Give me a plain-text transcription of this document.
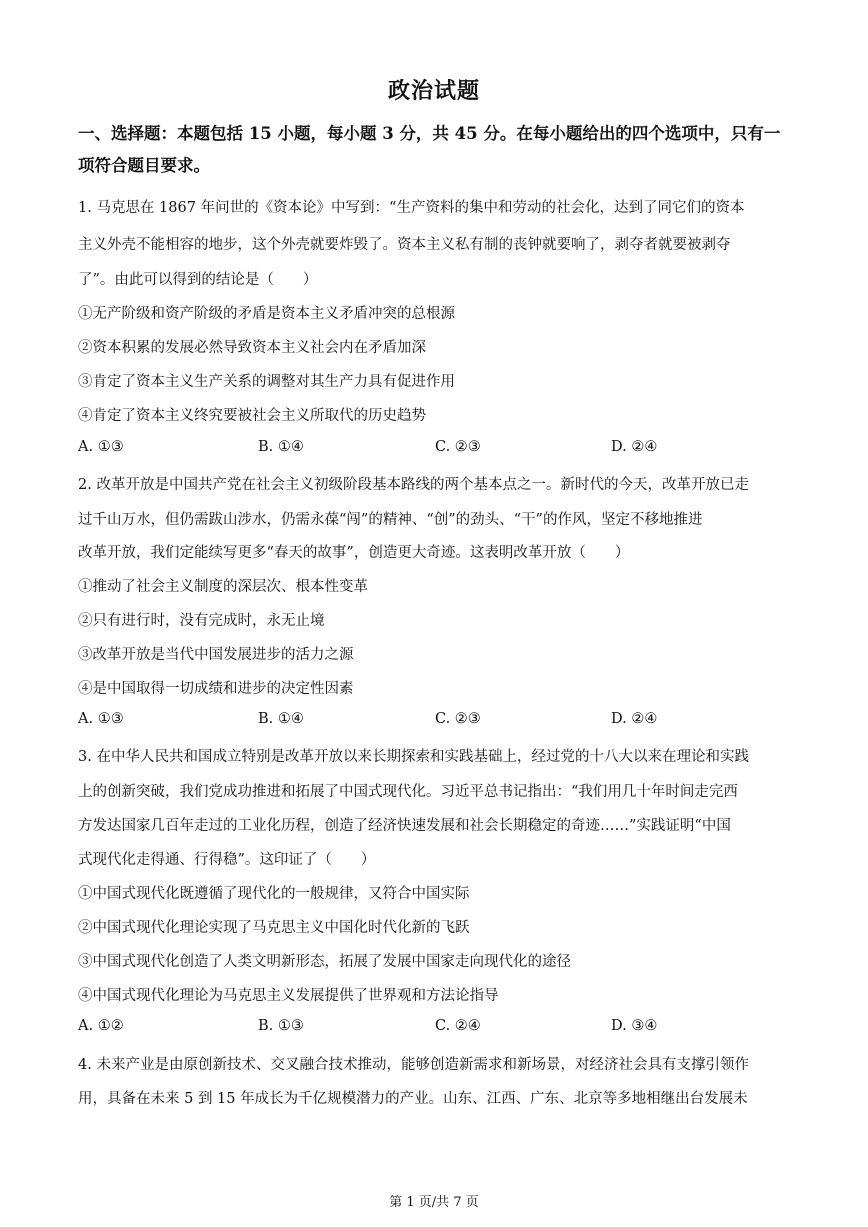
政治试题
一、选择题：本题包括 15 小题，每小题 3 分，共 45 分。在每小题给出的四个选项中，只有一项符合题目要求。
1. 马克思在 1867 年问世的《资本论》中写到：“生产资料的集中和劳动的社会化，达到了同它们的资本
主义外壳不能相容的地步，这个外壳就要炸毁了。资本主义私有制的丧钟就要响了，剥夺者就要被剥夺
了”。由此可以得到的结论是（　　）
①无产阶级和资产阶级的矛盾是资本主义矛盾冲突的总根源
②资本积累的发展必然导致资本主义社会内在矛盾加深
③肯定了资本主义生产关系的调整对其生产力具有促进作用
④肯定了资本主义终究要被社会主义所取代的历史趋势
A. ①③	B. ①④	C. ②③	D. ②④
2. 改革开放是中国共产党在社会主义初级阶段基本路线的两个基本点之一。新时代的今天，改革开放已走
过千山万水，但仍需跋山涉水，仍需永葆“闯”的精神、“创”的劲头、“干”的作风，坚定不移地推进
改革开放，我们定能续写更多“春天的故事”，创造更大奇迹。这表明改革开放（　　）
①推动了社会主义制度的深层次、根本性变革
②只有进行时，没有完成时，永无止境
③改革开放是当代中国发展进步的活力之源
④是中国取得一切成绩和进步的决定性因素
A. ①③	B. ①④	C. ②③	D. ②④
3. 在中华人民共和国成立特别是改革开放以来长期探索和实践基础上，经过党的十八大以来在理论和实践
上的创新突破，我们党成功推进和拓展了中国式现代化。习近平总书记指出：“我们用几十年时间走完西
方发达国家几百年走过的工业化历程，创造了经济快速发展和社会长期稳定的奇迹……”实践证明“中国
式现代化走得通、行得稳”。这印证了（　　）
①中国式现代化既遵循了现代化的一般规律，又符合中国实际
②中国式现代化理论实现了马克思主义中国化时代化新的飞跃
③中国式现代化创造了人类文明新形态，拓展了发展中国家走向现代化的途径
④中国式现代化理论为马克思主义发展提供了世界观和方法论指导
A. ①②	B. ①③	C. ②④	D. ③④
4. 未来产业是由原创新技术、交叉融合技术推动，能够创造新需求和新场景，对经济社会具有支撑引领作
用，具备在未来 5 到 15 年成长为千亿规模潜力的产业。山东、江西、广东、北京等多地相继出台发展未
第 1 页/共 7 页
